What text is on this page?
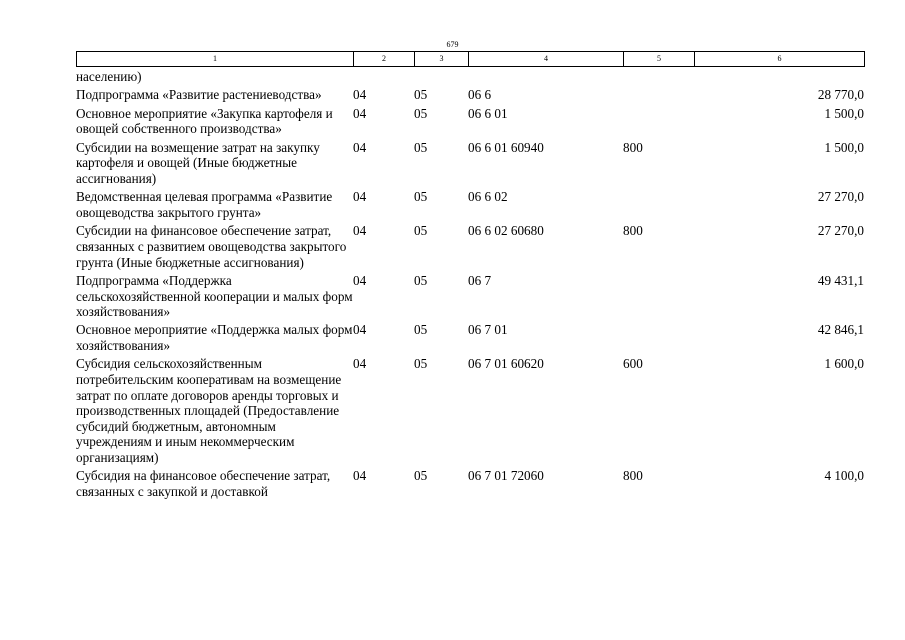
679
1	2	3	4	5	6
населению)					
Подпрограмма «Развитие растениеводства»	04	05	06 6		28 770,0
Основное мероприятие «Закупка картофеля и овощей собственного производства»	04	05	06 6 01		1 500,0
Субсидии на возмещение затрат на закупку картофеля и овощей (Иные бюджетные ассигнования)	04	05	06 6 01 60940	800	1 500,0
Ведомственная целевая программа «Развитие овощеводства закрытого грунта»	04	05	06 6 02		27 270,0
Субсидии на финансовое обеспечение затрат, связанных с развитием овощеводства закрытого грунта (Иные бюджетные ассигнования)	04	05	06 6 02 60680	800	27 270,0
Подпрограмма «Поддержка сельскохозяйственной кооперации и малых форм хозяйствования»	04	05	06 7		49 431,1
Основное мероприятие «Поддержка малых форм хозяйствования»	04	05	06 7 01		42 846,1
Субсидия сельскохозяйственным потребительским кооперативам на возмещение затрат по оплате договоров аренды торговых и производственных площадей (Предоставление субсидий бюджетным, автономным учреждениям и иным некоммерческим организациям)	04	05	06 7 01 60620	600	1 600,0
Субсидия на финансовое обеспечение затрат, связанных с закупкой и доставкой	04	05	06 7 01 72060	800	4 100,0
